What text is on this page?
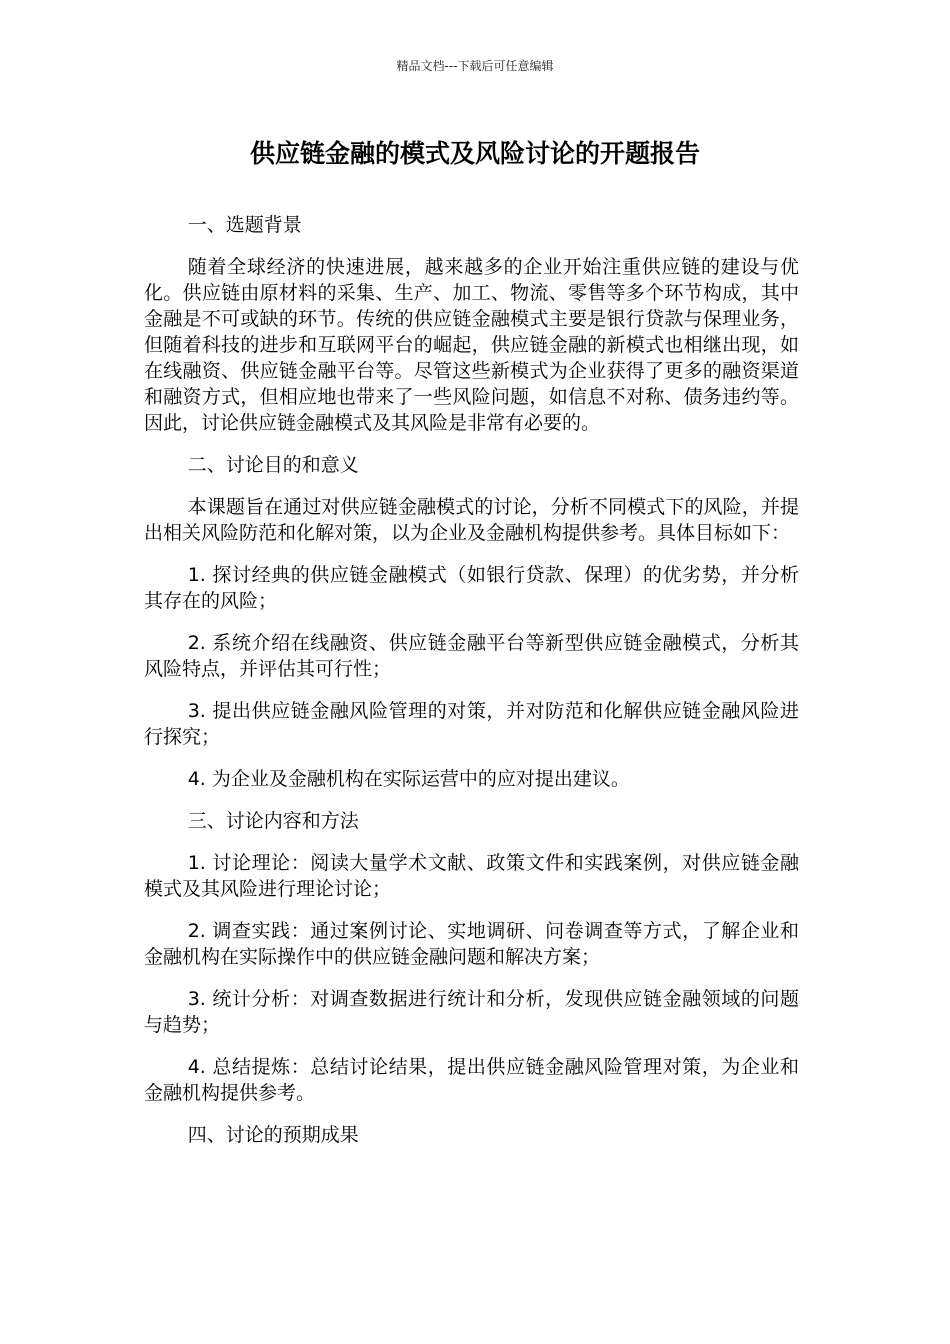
精品文档---下载后可任意编辑
供应链金融的模式及风险讨论的开题报告

一、选题背景

随着全球经济的快速进展，越来越多的企业开始注重供应链的建设与优化。供应链由原材料的采集、生产、加工、物流、零售等多个环节构成，其中金融是不可或缺的环节。传统的供应链金融模式主要是银行贷款与保理业务，但随着科技的进步和互联网平台的崛起，供应链金融的新模式也相继出现，如在线融资、供应链金融平台等。尽管这些新模式为企业获得了更多的融资渠道和融资方式，但相应地也带来了一些风险问题，如信息不对称、债务违约等。因此，讨论供应链金融模式及其风险是非常有必要的。

二、讨论目的和意义

本课题旨在通过对供应链金融模式的讨论，分析不同模式下的风险，并提出相关风险防范和化解对策，以为企业及金融机构提供参考。具体目标如下：

1. 探讨经典的供应链金融模式（如银行贷款、保理）的优劣势，并分析其存在的风险；

2. 系统介绍在线融资、供应链金融平台等新型供应链金融模式，分析其风险特点，并评估其可行性；

3. 提出供应链金融风险管理的对策，并对防范和化解供应链金融风险进行探究；

4. 为企业及金融机构在实际运营中的应对提出建议。

三、讨论内容和方法

1. 讨论理论：阅读大量学术文献、政策文件和实践案例，对供应链金融模式及其风险进行理论讨论；

2. 调查实践：通过案例讨论、实地调研、问卷调查等方式，了解企业和金融机构在实际操作中的供应链金融问题和解决方案；

3. 统计分析：对调查数据进行统计和分析，发现供应链金融领域的问题与趋势；

4. 总结提炼：总结讨论结果，提出供应链金融风险管理对策，为企业和金融机构提供参考。

四、讨论的预期成果
